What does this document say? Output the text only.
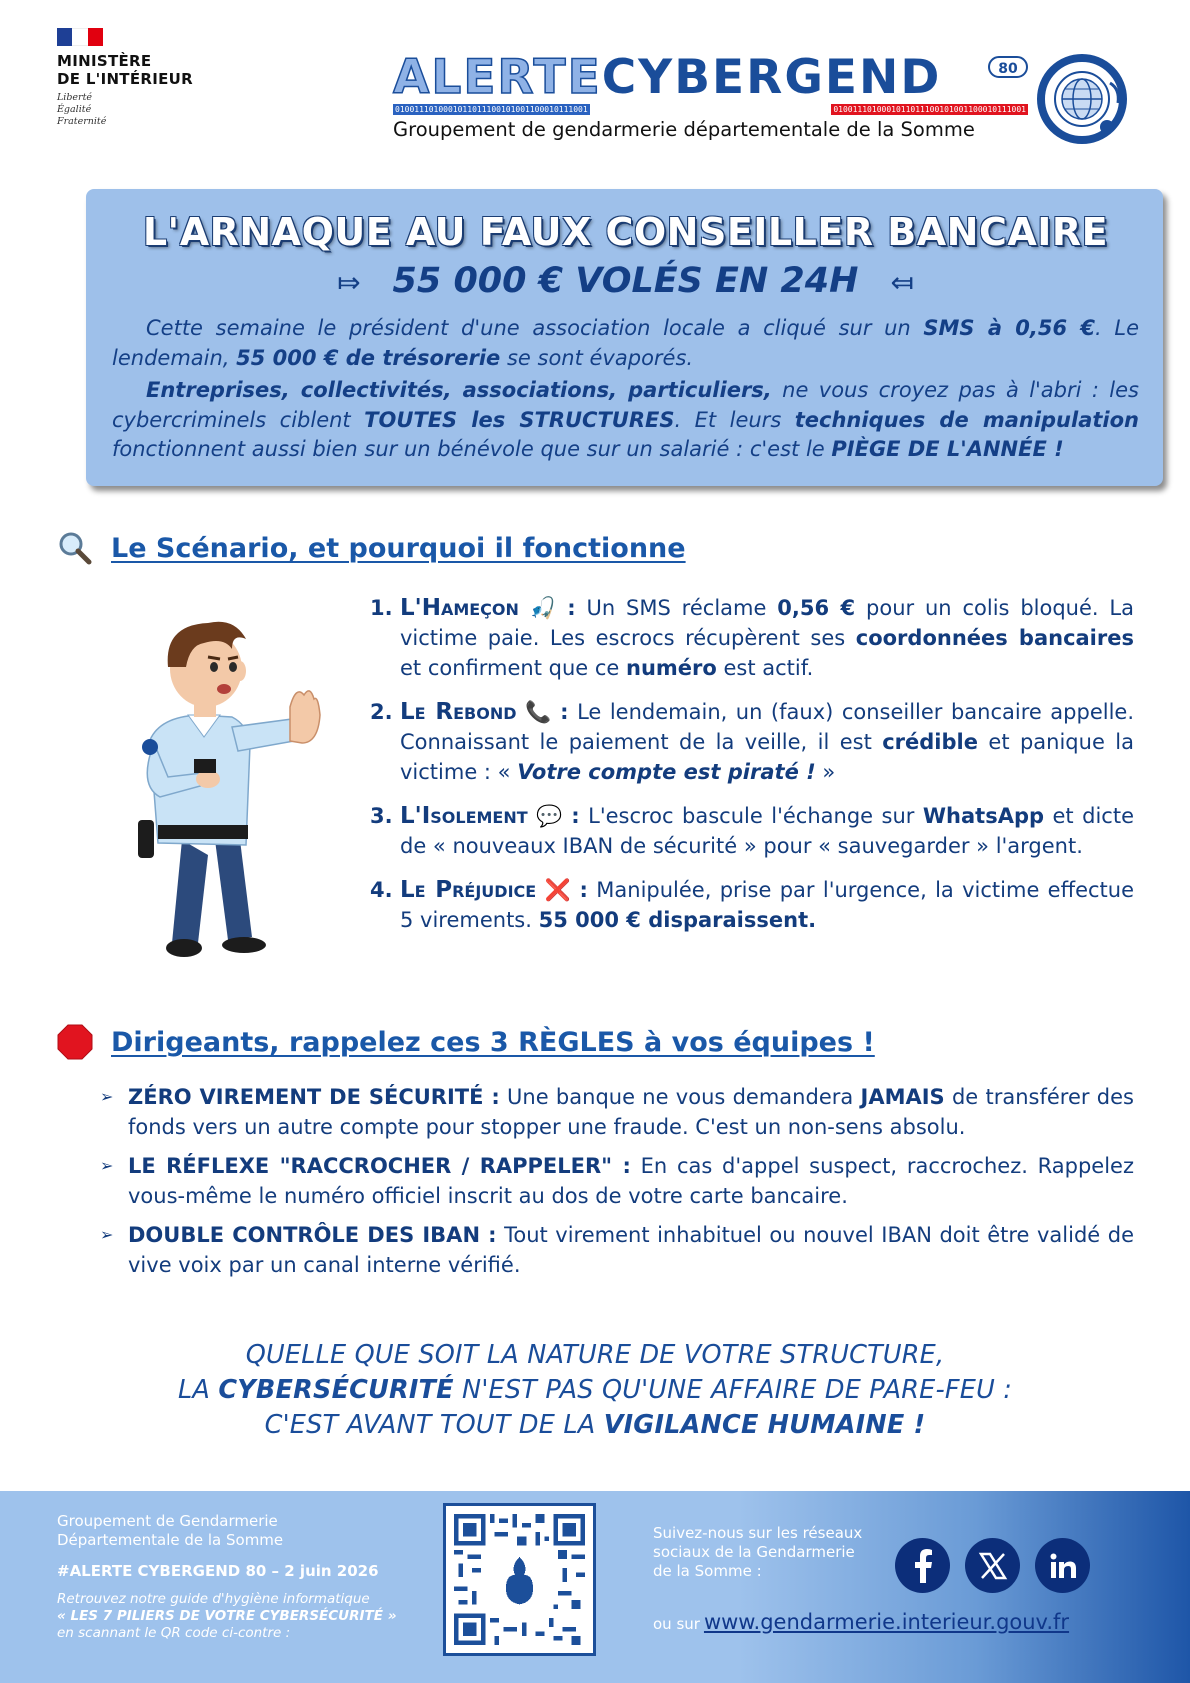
MINISTÈRE
DE L'INTÉRIEUR
Liberté
Égalité
Fraternité
ALERTECYBERGEND	80
0100111010001011011100101001100010111001	0100111010001011011100101001100010111001
Groupement de gendarmerie départementale de la Somme
L'ARNAQUE AU FAUX CONSEILLER BANCAIRE
⤇ 55 000 € VOLÉS EN 24H ⤆

Cette semaine le président d'une association locale a cliqué sur un SMS à 0,56 €. Le lendemain, 55 000 € de trésorerie se sont évaporés.

Entreprises, collectivités, associations, particuliers, ne vous croyez pas à l'abri : les cybercriminels ciblent TOUTES les STRUCTURES. Et leurs techniques de manipulation fonctionnent aussi bien sur un bénévole que sur un salarié : c'est le PIÈGE DE L'ANNÉE !

Le Scénario, et pourquoi il fonctionne
1. L'Hameçon 🎣 : Un SMS réclame 0,56 € pour un colis bloqué. La victime paie. Les escrocs récupèrent ses coordonnées bancaires et confirment que ce numéro est actif.
2. Le Rebond 📞 : Le lendemain, un (faux) conseiller bancaire appelle. Connaissant le paiement de la veille, il est crédible et panique la victime : « Votre compte est piraté ! »
3. L'Isolement 💬 : L'escroc bascule l'échange sur WhatsApp et dicte de « nouveaux IBAN de sécurité » pour « sauvegarder » l'argent.
4. Le Préjudice ❌ : Manipulée, prise par l'urgence, la victime effectue 5 virements. 55 000 € disparaissent.
Dirigeants, rappelez ces 3 RÈGLES à vos équipes !
➢ ZÉRO VIREMENT DE SÉCURITÉ : Une banque ne vous demandera JAMAIS de transférer des fonds vers un autre compte pour stopper une fraude. C'est un non-sens absolu.
➢ LE RÉFLEXE "RACCROCHER / RAPPELER" : En cas d'appel suspect, raccrochez. Rappelez vous-même le numéro officiel inscrit au dos de votre carte bancaire.
➢ DOUBLE CONTRÔLE DES IBAN : Tout virement inhabituel ou nouvel IBAN doit être validé de vive voix par un canal interne vérifié.
QUELLE QUE SOIT LA NATURE DE VOTRE STRUCTURE,
LA CYBERSÉCURITÉ N'EST PAS QU'UNE AFFAIRE DE PARE-FEU :
C'EST AVANT TOUT DE LA VIGILANCE HUMAINE !
Groupement de Gendarmerie
Départementale de la Somme
#ALERTE CYBERGEND 80 – 2 juin 2026
Retrouvez notre guide d'hygiène informatique
« LES 7 PILIERS DE VOTRE CYBERSÉCURITÉ »
en scannant le QR code ci-contre :
Suivez-nous sur les réseaux
sociaux de la Gendarmerie
de la Somme :
ou sur www.gendarmerie.interieur.gouv.fr
